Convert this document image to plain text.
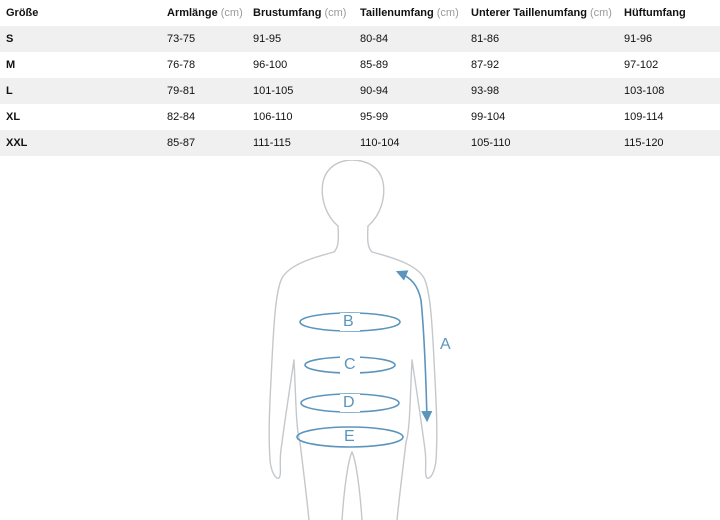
Größe	Armlänge (cm)	Brustumfang (cm)	Taillenumfang (cm)	Unterer Taillenumfang (cm)	Hüftumfang
S	73-75	91-95	80-84	81-86	91-96
M	76-78	96-100	85-89	87-92	97-102
L	79-81	101-105	90-94	93-98	103-108
XL	82-84	106-110	95-99	99-104	109-114
XXL	85-87	111-115	110-104	105-110	115-120
B
C
D
E
A
